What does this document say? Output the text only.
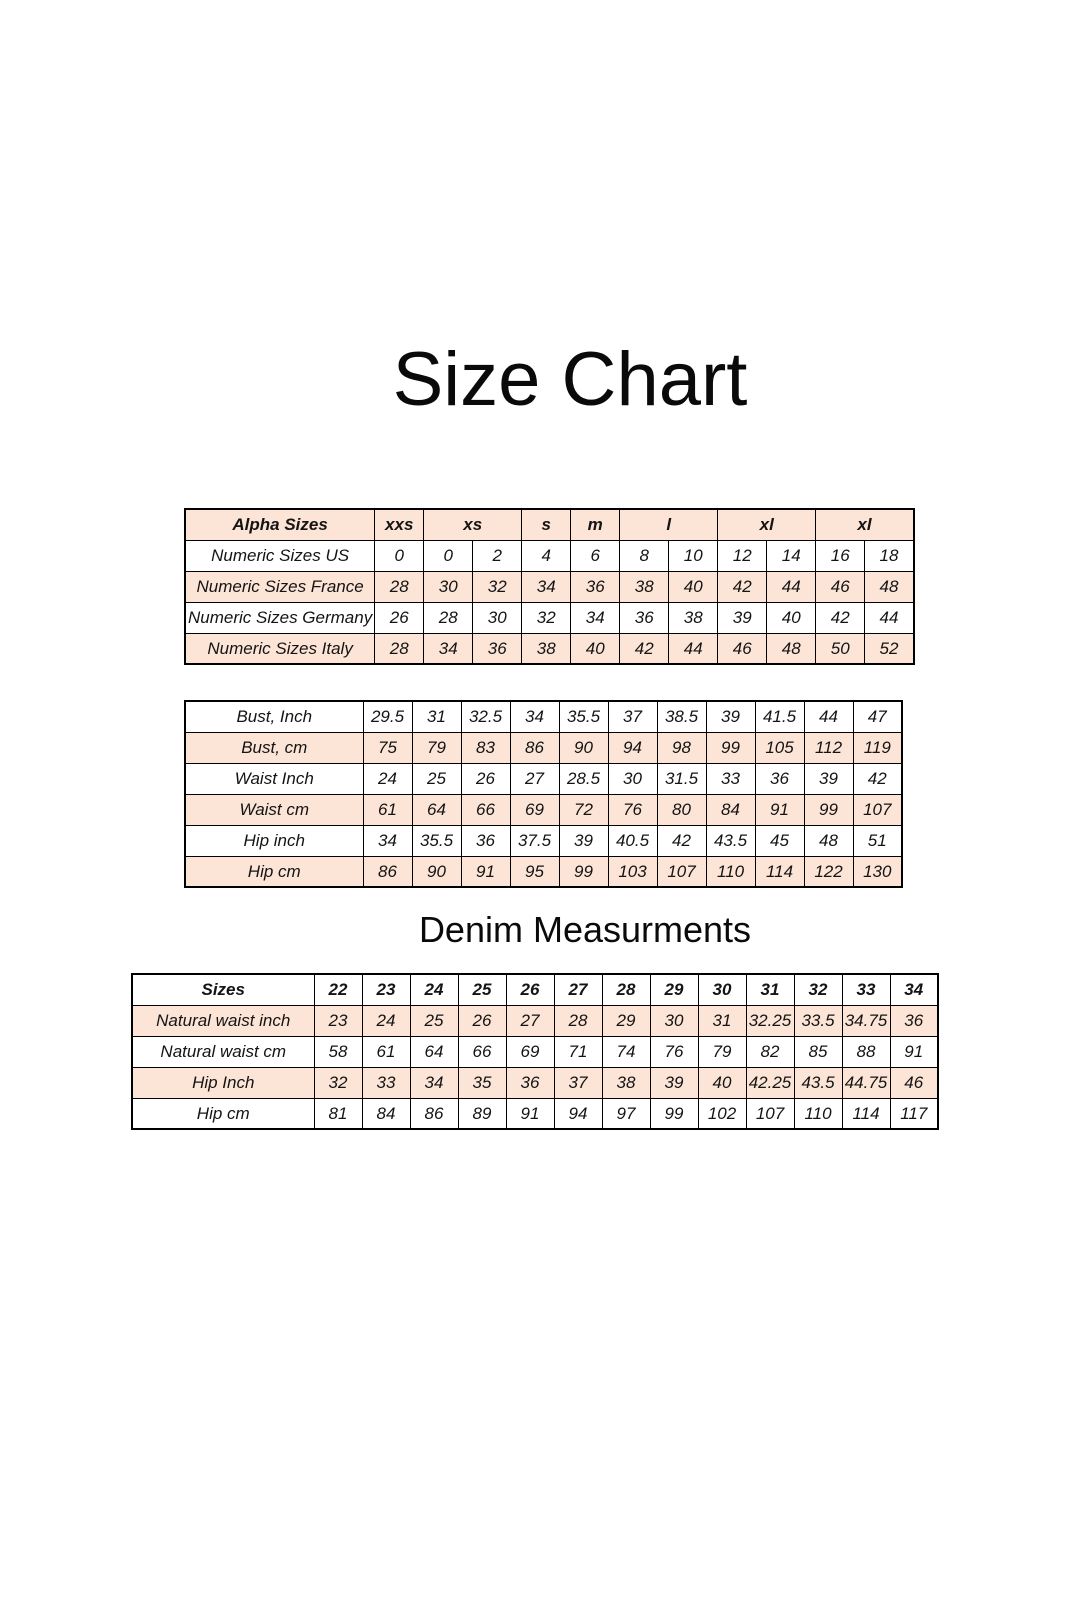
Size Chart
Alpha Sizes	xxs	xs		s	m	l		xl		xl	
Numeric Sizes US	0	0	2	4	6	8	10	12	14	16	18
Numeric Sizes France	28	30	32	34	36	38	40	42	44	46	48
Numeric Sizes Germany	26	28	30	32	34	36	38	39	40	42	44
Numeric Sizes Italy	28	34	36	38	40	42	44	46	48	50	52
Bust, Inch	29.5	31	32.5	34	35.5	37	38.5	39	41.5	44	47
Bust, cm	75	79	83	86	90	94	98	99	105	112	119
Waist Inch	24	25	26	27	28.5	30	31.5	33	36	39	42
Waist cm	61	64	66	69	72	76	80	84	91	99	107
Hip inch	34	35.5	36	37.5	39	40.5	42	43.5	45	48	51
Hip cm	86	90	91	95	99	103	107	110	114	122	130
Denim Measurments
Sizes	22	23	24	25	26	27	28	29	30	31	32	33	34
Natural waist inch	23	24	25	26	27	28	29	30	31	32.25	33.5	34.75	36
Natural waist cm	58	61	64	66	69	71	74	76	79	82	85	88	91
Hip Inch	32	33	34	35	36	37	38	39	40	42.25	43.5	44.75	46
Hip cm	81	84	86	89	91	94	97	99	102	107	110	114	117
